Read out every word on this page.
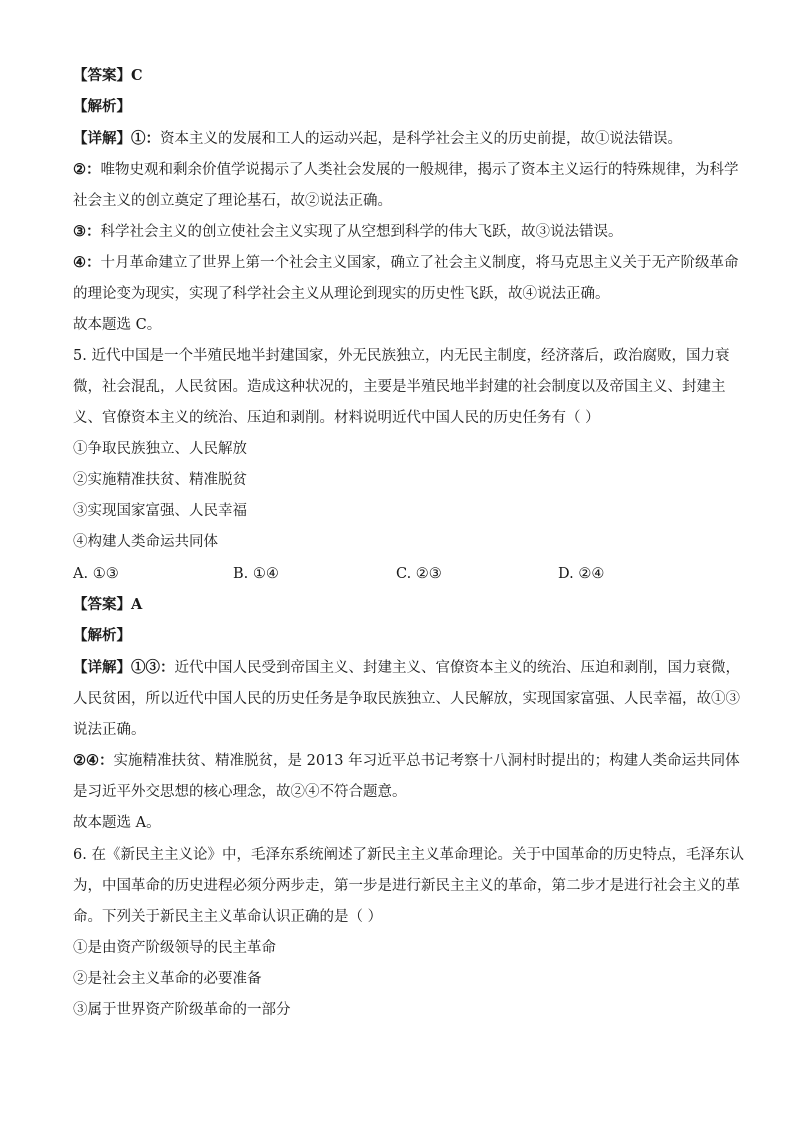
【答案】C
【解析】
【详解】①：资本主义的发展和工人的运动兴起，是科学社会主义的历史前提，故①说法错误。
②：唯物史观和剩余价值学说揭示了人类社会发展的一般规律，揭示了资本主义运行的特殊规律，为科学
社会主义的创立奠定了理论基石，故②说法正确。
③：科学社会主义的创立使社会主义实现了从空想到科学的伟大飞跃，故③说法错误。
④：十月革命建立了世界上第一个社会主义国家，确立了社会主义制度，将马克思主义关于无产阶级革命
的理论变为现实，实现了科学社会主义从理论到现实的历史性飞跃，故④说法正确。
故本题选 C。
5. 近代中国是一个半殖民地半封建国家，外无民族独立，内无民主制度，经济落后，政治腐败，国力衰
微，社会混乱，人民贫困。造成这种状况的，主要是半殖民地半封建的社会制度以及帝国主义、封建主
义、官僚资本主义的统治、压迫和剥削。材料说明近代中国人民的历史任务有（ ）
①争取民族独立、人民解放
②实施精准扶贫、精准脱贫
③实现国家富强、人民幸福
④构建人类命运共同体
A. ①③	B. ①④	C. ②③	D. ②④
【答案】A
【解析】
【详解】①③：近代中国人民受到帝国主义、封建主义、官僚资本主义的统治、压迫和剥削，国力衰微，
人民贫困，所以近代中国人民的历史任务是争取民族独立、人民解放，实现国家富强、人民幸福，故①③
说法正确。
②④：实施精准扶贫、精准脱贫，是 2013 年习近平总书记考察十八洞村时提出的；构建人类命运共同体
是习近平外交思想的核心理念，故②④不符合题意。
故本题选 A。
6. 在《新民主主义论》中，毛泽东系统阐述了新民主主义革命理论。关于中国革命的历史特点，毛泽东认
为，中国革命的历史进程必须分两步走，第一步是进行新民主主义的革命，第二步才是进行社会主义的革
命。下列关于新民主主义革命认识正确的是（ ）
①是由资产阶级领导的民主革命
②是社会主义革命的必要准备
③属于世界资产阶级革命的一部分
